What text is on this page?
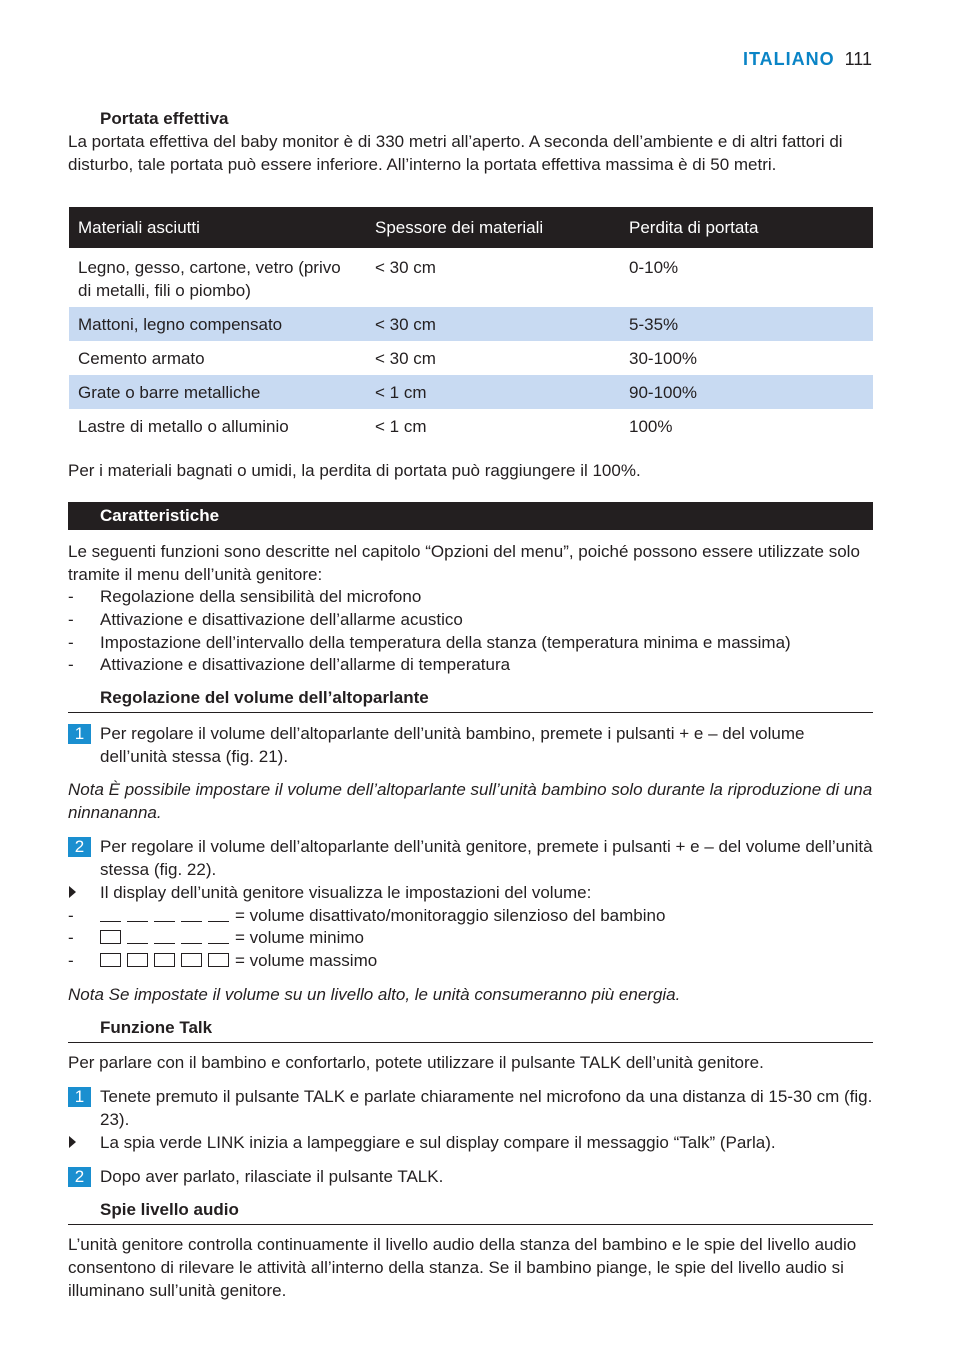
ITALIANO 111
Portata effettiva
La portata effettiva del baby monitor è di 330 metri all’aperto. A seconda dell’ambiente e di altri fattori di disturbo, tale portata può essere inferiore. All’interno la portata effettiva massima è di 50 metri.
Materiali asciutti	Spessore dei materiali	Perdita di portata
Legno, gesso, cartone, vetro (privo di metalli, fili o piombo)	< 30 cm	0-10%
Mattoni, legno compensato	< 30 cm	5-35%
Cemento armato	< 30 cm	30-100%
Grate o barre metalliche	< 1 cm	90-100%
Lastre di metallo o alluminio	< 1 cm	100%
Per i materiali bagnati o umidi, la perdita di portata può raggiungere il 100%.
Caratteristiche
Le seguenti funzioni sono descritte nel capitolo “Opzioni del menu”, poiché possono essere utilizzate solo tramite il menu dell’unità genitore:
-	Regolazione della sensibilità del microfono
-	Attivazione e disattivazione dell’allarme acustico
-	Impostazione dell’intervallo della temperatura della stanza (temperatura minima e massima)
-	Attivazione e disattivazione dell’allarme di temperatura
Regolazione del volume dell’altoparlante
1 Per regolare il volume dell’altoparlante dell’unità bambino, premete i pulsanti + e – del volume dell’unità stessa (fig. 21).
Nota È possibile impostare il volume dell’altoparlante sull’unità bambino solo durante la riproduzione di una ninnananna.
2 Per regolare il volume dell’altoparlante dell’unità genitore, premete i pulsanti + e – del volume dell’unità stessa (fig. 22).
Il display dell’unità genitore visualizza le impostazioni del volume:
-	= volume disattivato/monitoraggio silenzioso del bambino
-	= volume minimo
-	= volume massimo
Nota Se impostate il volume su un livello alto, le unità consumeranno più energia.
Funzione Talk
Per parlare con il bambino e confortarlo, potete utilizzare il pulsante TALK dell’unità genitore.
1 Tenete premuto il pulsante TALK e parlate chiaramente nel microfono da una distanza di 15-30 cm (fig. 23).
La spia verde LINK inizia a lampeggiare e sul display compare il messaggio “Talk” (Parla).
2 Dopo aver parlato, rilasciate il pulsante TALK.
Spie livello audio
L’unità genitore controlla continuamente il livello audio della stanza del bambino e le spie del livello audio consentono di rilevare le attività all’interno della stanza. Se il bambino piange, le spie del livello audio si illuminano sull’unità genitore.
